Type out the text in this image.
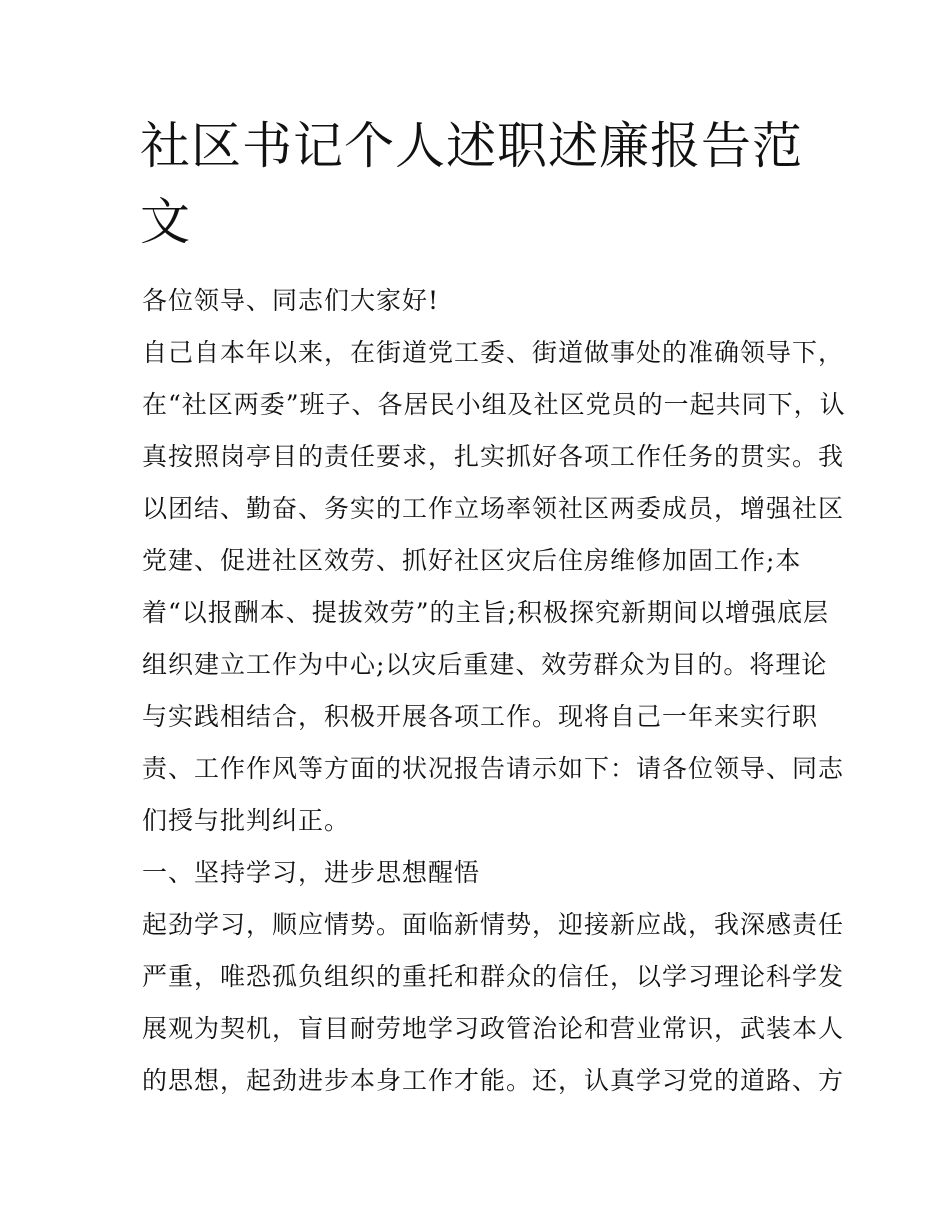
社区书记个人述职述廉报告范文

各位领导、同志们大家好!

自己自本年以来，在街道党工委、街道做事处的准确领导下，

在“社区两委”班子、各居民小组及社区党员的一起共同下，认

真按照岗亭目的责任要求，扎实抓好各项工作任务的贯实。我

以团结、勤奋、务实的工作立场率领社区两委成员，增强社区

党建、促进社区效劳、抓好社区灾后住房维修加固工作;本

着“以报酬本、提拔效劳”的主旨;积极探究新期间以增强底层

组织建立工作为中心;以灾后重建、效劳群众为目的。将理论

与实践相结合，积极开展各项工作。现将自己一年来实行职

责、工作作风等方面的状况报告请示如下：请各位领导、同志

们授与批判纠正。

一、坚持学习，进步思想醒悟

起劲学习，顺应情势。面临新情势，迎接新应战，我深感责任

严重，唯恐孤负组织的重托和群众的信任，以学习理论科学发

展观为契机，盲目耐劳地学习政管治论和营业常识，武装本人

的思想，起劲进步本身工作才能。还，认真学习党的道路、方
